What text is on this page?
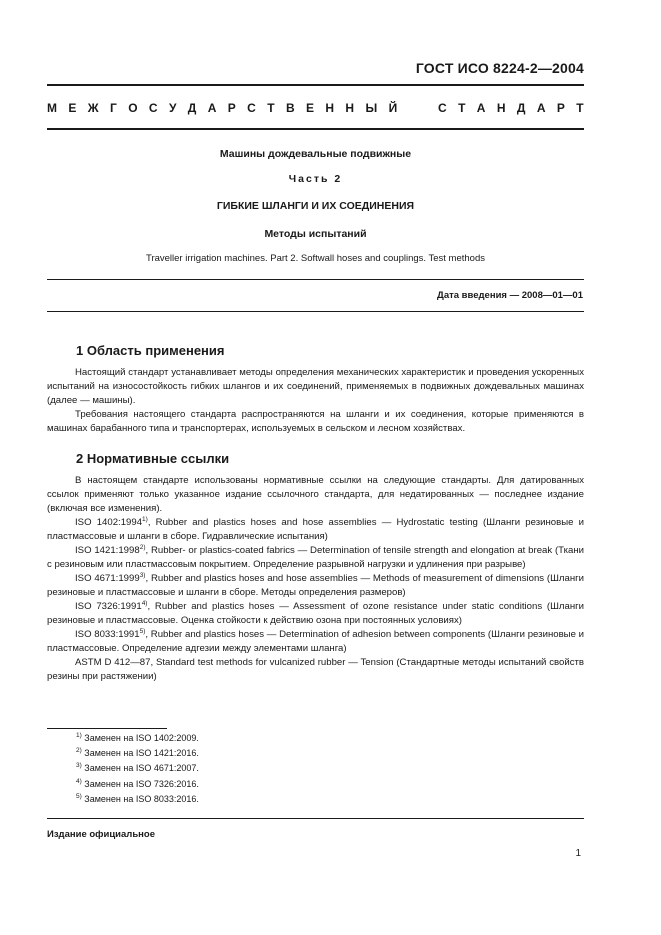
ГОСТ ИСО 8224-2—2004
М Е Ж Г О С У Д А Р С Т В Е Н Н Ы Й

	С Т А Н Д А Р Т
Машины дождевальные подвижные
Часть 2
ГИБКИЕ ШЛАНГИ И ИХ СОЕДИНЕНИЯ
Методы испытаний
Traveller irrigation machines. Part 2. Softwall hoses and couplings. Test methods
Дата введения — 2008—01—01
1 Область применения

Настоящий стандарт устанавливает методы определения механических характеристик и проведения ускоренных испытаний на износостойкость гибких шлангов и их соединений, применяемых в подвижных дождевальных машинах (далее — машины).

Требования настоящего стандарта распространяются на шланги и их соединения, которые применяются в машинах барабанного типа и транспортерах, используемых в сельском и лесном хозяйствах.

2 Нормативные ссылки

В настоящем стандарте использованы нормативные ссылки на следующие стандарты. Для датированных ссылок применяют только указанное издание ссылочного стандарта, для недатированных — последнее издание (включая все изменения).

ISO 1402:1994$^{1)}$, Rubber and plastics hoses and hose assemblies — Hydrostatic testing (Шланги резиновые и пластмассовые и шланги в сборе. Гидравлические испытания)

ISO 1421:1998$^{2)}$, Rubber- or plastics-coated fabrics — Determination of tensile strength and elongation at break (Ткани с резиновым или пластмассовым покрытием. Определение разрывной нагрузки и удлинения при разрыве)

ISO 4671:1999$^{3)}$, Rubber and plastics hoses and hose assemblies — Methods of measurement of dimensions (Шланги резиновые и пластмассовые и шланги в сборе. Методы определения размеров)

ISO 7326:1991$^{4)}$, Rubber and plastics hoses — Assessment of ozone resistance under static conditions (Шланги резиновые и пластмассовые. Оценка стойкости к действию озона при постоянных условиях)

ISO 8033:1991$^{5)}$, Rubber and plastics hoses — Determination of adhesion between components (Шланги резиновые и пластмассовые. Определение адгезии между элементами шланга)

ASTM D 412—87, Standard test methods for vulcanized rubber — Tension (Стандартные методы испытаний свойств резины при растяжении)

$^{1)}$ Заменен на ISO 1402:2009.
$^{2)}$ Заменен на ISO 1421:2016.
$^{3)}$ Заменен на ISO 4671:2007.
$^{4)}$ Заменен на ISO 7326:2016.
$^{5)}$ Заменен на ISO 8033:2016.
Издание официальное
1
